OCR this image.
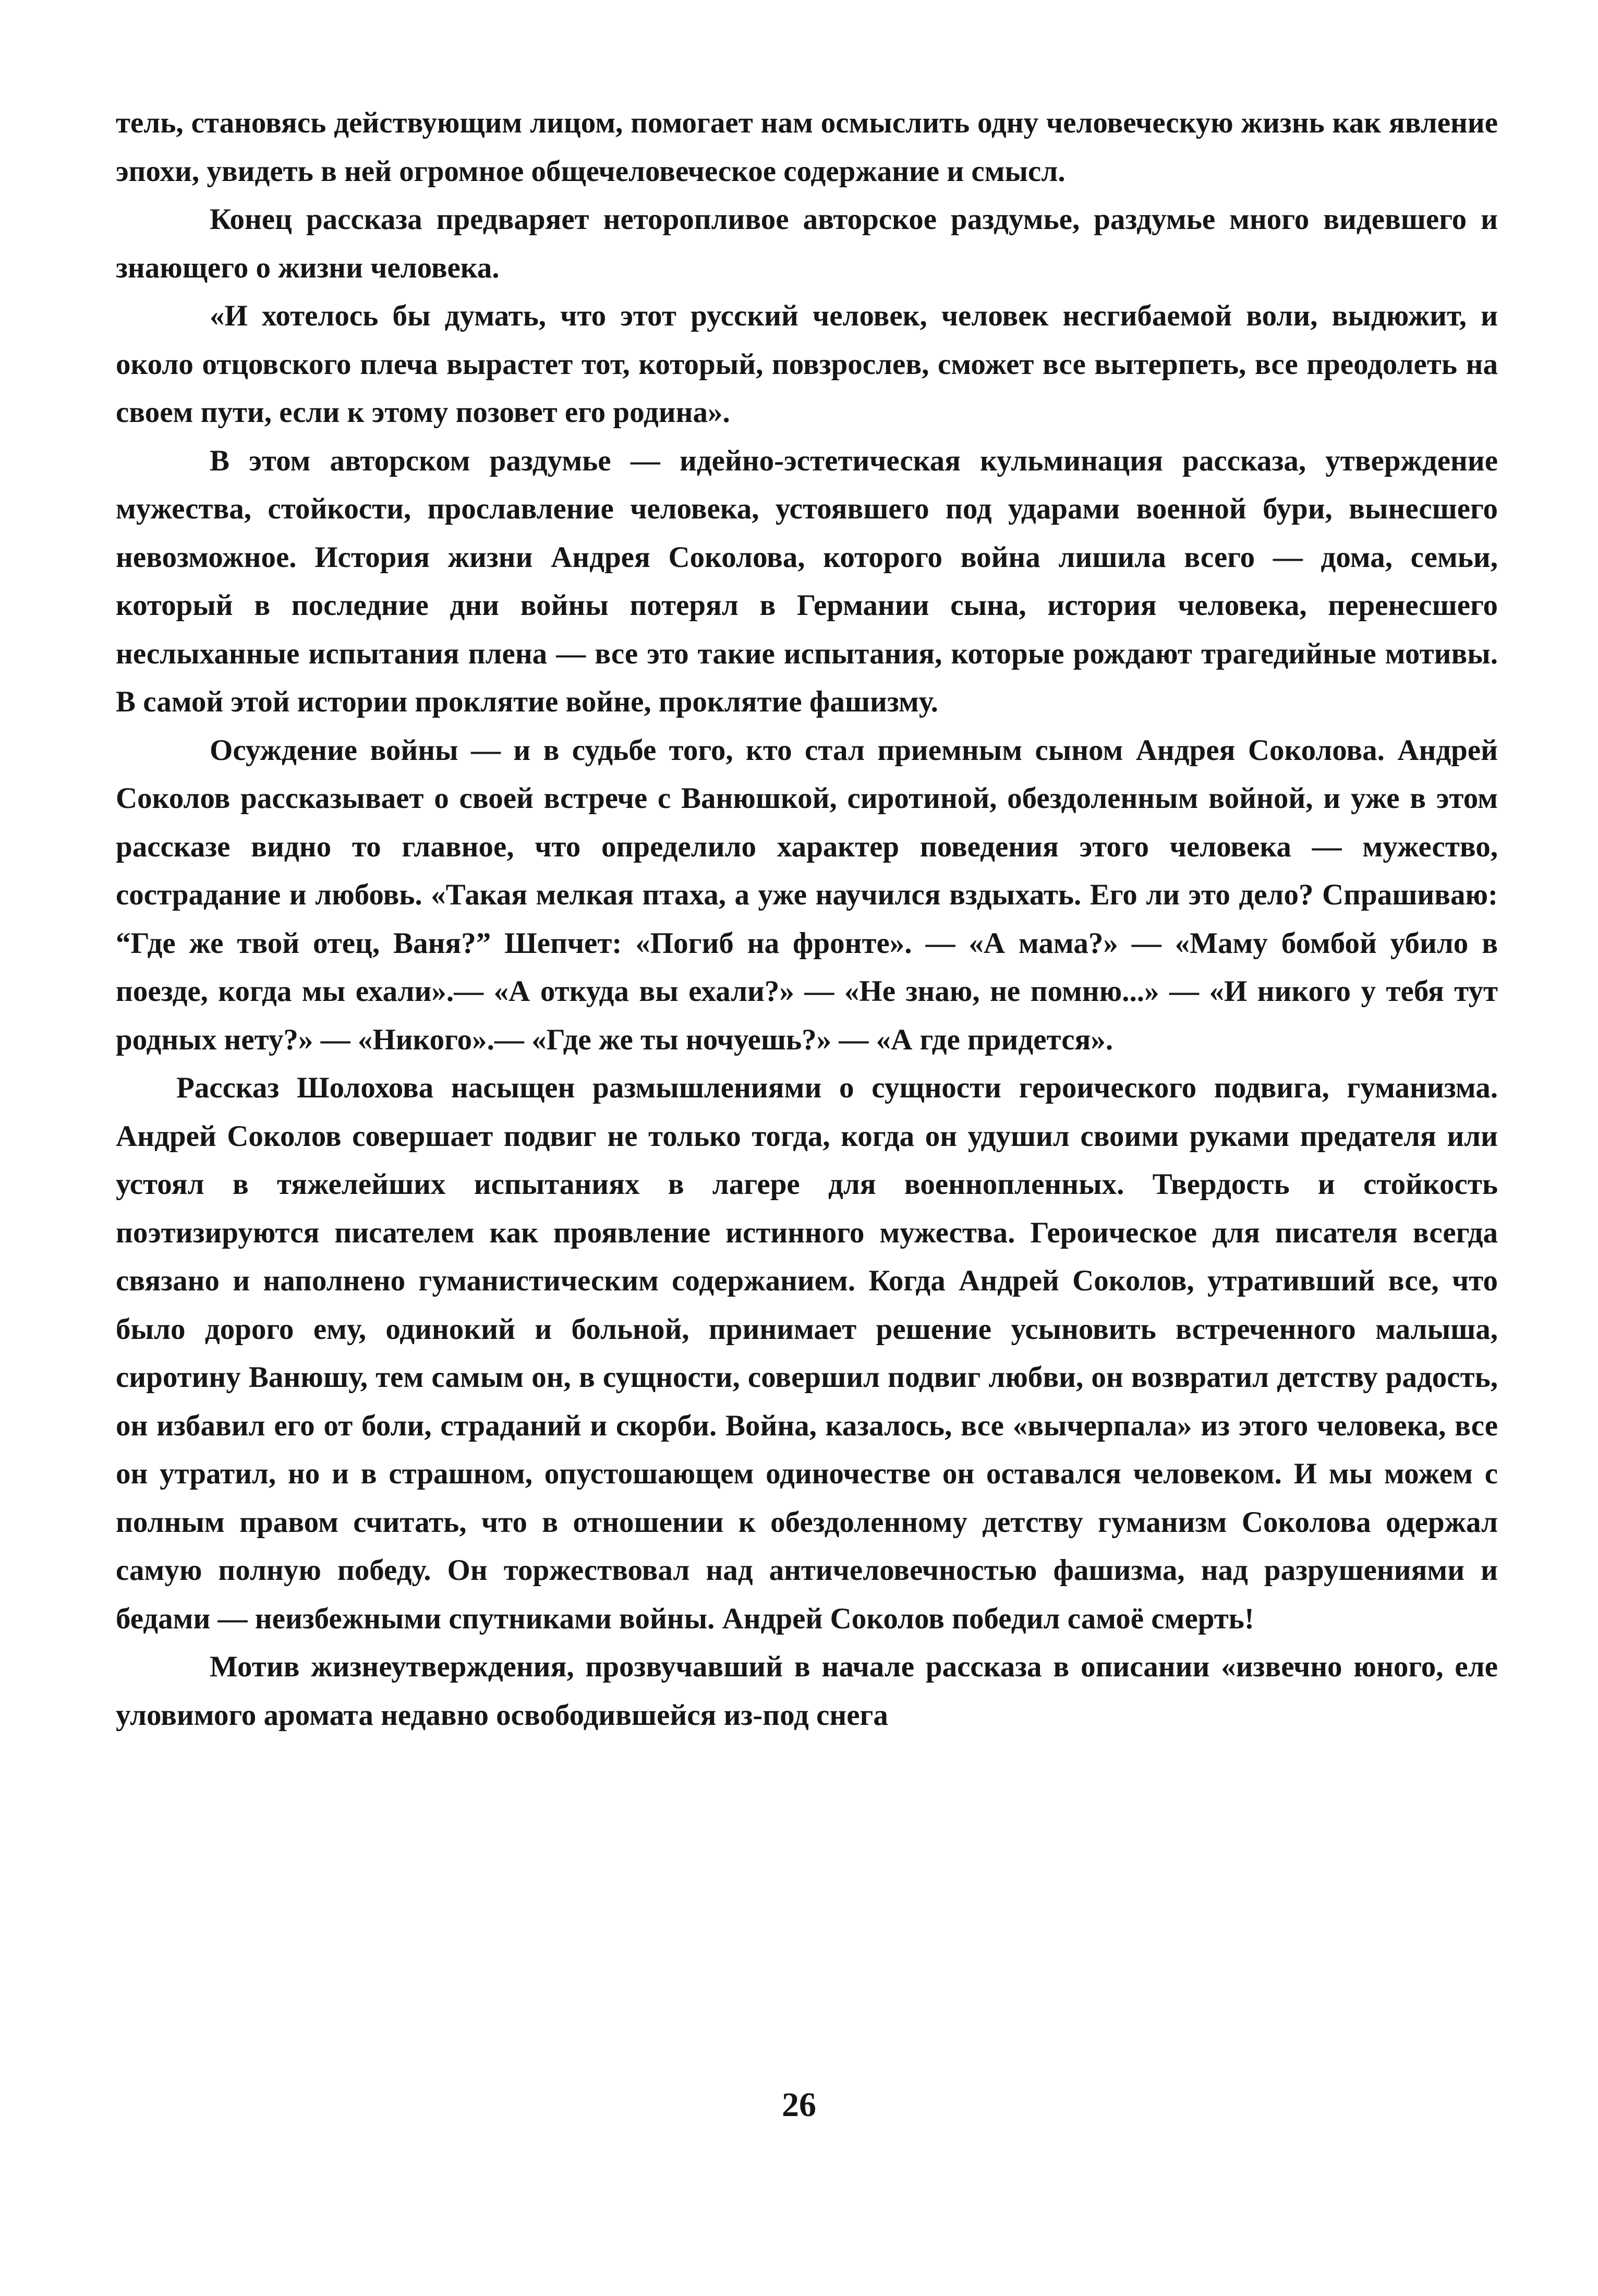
тель, становясь действующим лицом, помогает нам осмыслить одну человеческую жизнь как явление эпохи, увидеть в ней огромное общечеловеческое содержание и смысл.

Конец рассказа предваряет неторопливое авторское раздумье, раздумье много видевшего и знающего о жизни человека.

«И хотелось бы думать, что этот русский человек, человек несгибаемой воли, выдюжит, и около отцовского плеча вырастет тот, который, повзрослев, сможет все вытерпеть, все преодолеть на своем пути, если к этому позовет его родина».

В этом авторском раздумье — идейно-эстетическая кульминация рассказа, утверждение мужества, стойкости, прославление человека, устоявшего под ударами военной бури, вынесшего невозможное. История жизни Андрея Соколова, которого война лишила всего — дома, семьи, который в последние дни войны потерял в Германии сына, история человека, перенесшего неслыханные испытания плена — все это такие испытания, которые рождают трагедийные мотивы. В самой этой истории проклятие войне, проклятие фашизму.

Осуждение войны — и в судьбе того, кто стал приемным сыном Андрея Соколова. Андрей Соколов рассказывает о своей встрече с Ванюшкой, сиротиной, обездоленным войной, и уже в этом рассказе видно то главное, что определило характер поведения этого человека — мужество, сострадание и любовь. «Такая мелкая птаха, а уже научился вздыхать. Его ли это дело? Спрашиваю: “Где же твой отец, Ваня?” Шепчет: «Погиб на фронте». — «А мама?» — «Маму бомбой убило в поезде, когда мы ехали».— «А откуда вы ехали?» — «Не знаю, не помню...» — «И никого у тебя тут родных нету?» — «Никого».— «Где же ты ночуешь?» — «А где придется».

Рассказ Шолохова насыщен размышлениями о сущности героического подвига, гуманизма. Андрей Соколов совершает подвиг не только тогда, когда он удушил своими руками предателя или устоял в тяжелейших испытаниях в лагере для военнопленных. Твердость и стойкость поэтизируются писателем как проявление истинного мужества. Героическое для писателя всегда связано и наполнено гуманистическим содержанием. Когда Андрей Соколов, утративший все, что было дорого ему, одинокий и больной, принимает решение усыновить встреченного малыша, сиротину Ванюшу, тем самым он, в сущности, совершил подвиг любви, он возвратил детству радость, он избавил его от боли, страданий и скорби. Война, казалось, все «вычерпала» из этого человека, все он утратил, но и в страшном, опустошающем одиночестве он оставался человеком. И мы можем с полным правом считать, что в отношении к обездоленному детству гуманизм Соколова одержал самую полную победу. Он торжествовал над античеловечностью фашизма, над разрушениями и бедами — неизбежными спутниками войны. Андрей Соколов победил самоё смерть!

Мотив жизнеутверждения, прозвучавший в начале рассказа в описании «извечно юного, еле уловимого аромата недавно освободившейся из-под снега

26
